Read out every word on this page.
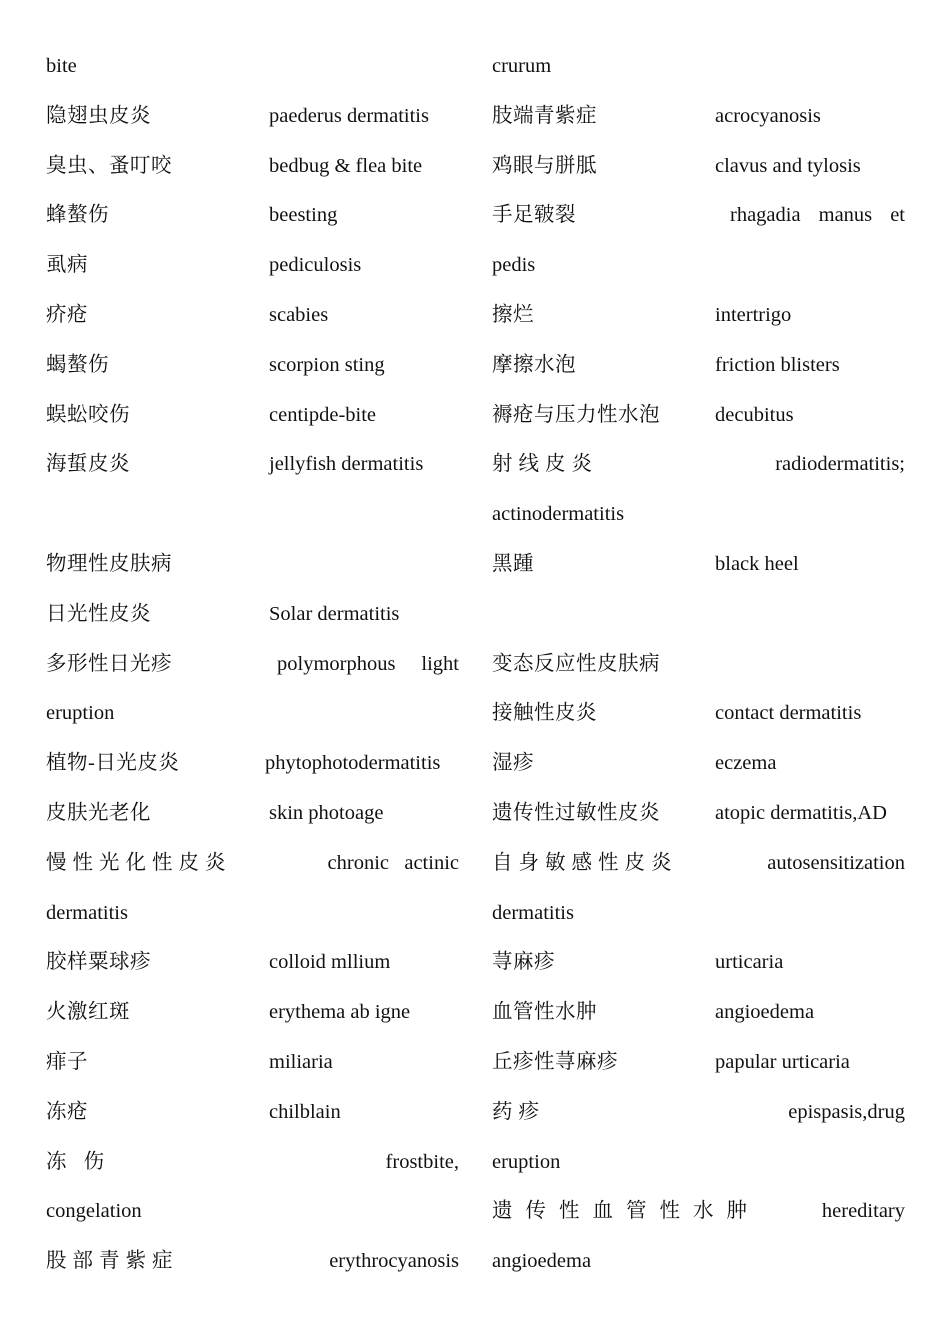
bite
隐翅虫皮炎	paederus dermatitis
臭虫、蚤叮咬	bedbug & flea bite
蜂螯伤	beesting
虱病	pediculosis
疥疮	scabies
蝎螯伤	scorpion sting
蜈蚣咬伤	centipde-bite
海蜇皮炎	jellyfish dermatitis
物理性皮肤病
日光性皮炎	Solar dermatitis
多形性日光疹	polymorphous light
eruption
植物-日光皮炎	phytophotodermatitis
皮肤光老化	skin photoage
慢性光化性皮炎	chronic   actinic
dermatitis
胶样粟球疹	colloid mllium
火激红斑	erythema ab igne
痱子	miliaria
冻疮	chilblain
冻 伤	frostbite,
congelation
股部青紫症	erythrocyanosis
crurum
肢端青紫症	acrocyanosis
鸡眼与胼胝	clavus and tylosis
手足皲裂	rhagadia manus et
pedis
擦烂	intertrigo
摩擦水泡	friction blisters
褥疮与压力性水泡	decubitus
射线皮炎	radiodermatitis;
actinodermatitis
黑踵	black heel
变态反应性皮肤病
接触性皮炎	contact dermatitis
湿疹	eczema
遗传性过敏性皮炎	atopic dermatitis,AD
自身敏感性皮炎	autosensitization
dermatitis
荨麻疹	urticaria
血管性水肿	angioedema
丘疹性荨麻疹	papular urticaria
药疹	epispasis,drug
eruption
遗传性血管性水肿	hereditary
angioedema
